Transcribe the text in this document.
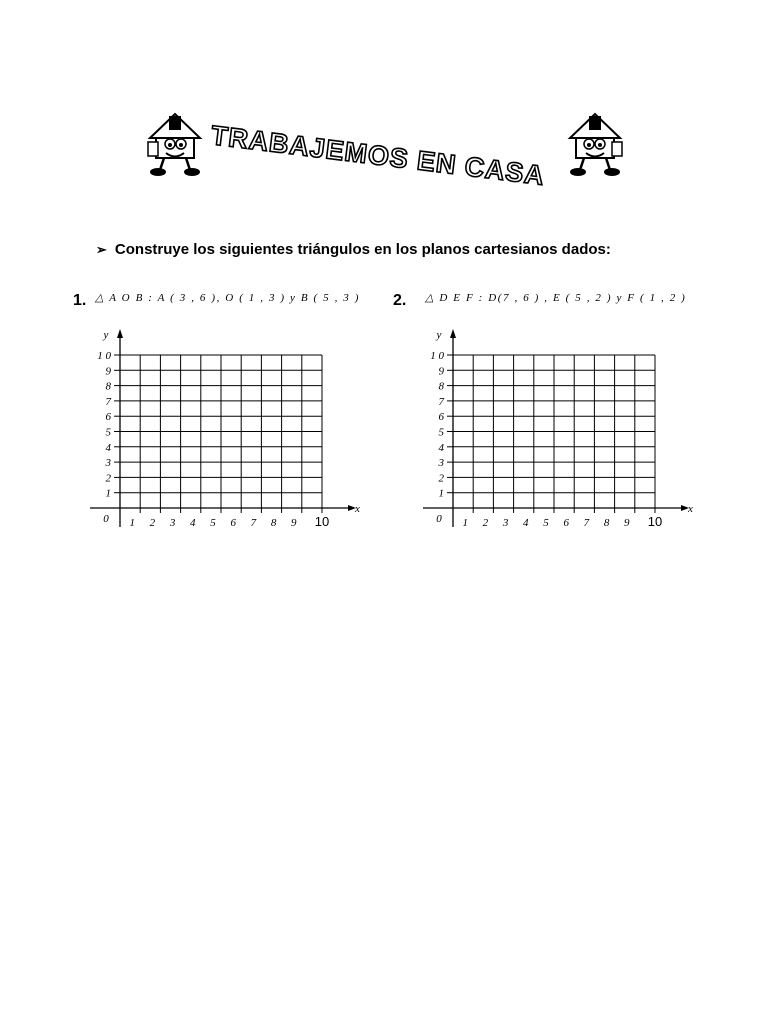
TRABAJEMOS EN CASA
➢ Construye los siguientes triángulos en los planos cartesianos dados:
1. △ A O B : A ( 3 , 6 ), O ( 1 , 3 ) y B ( 5 , 3 ) 2. △ D E F : D(7 , 6 ) , E ( 5 , 2 ) y F ( 1 , 2 )
1
2
3
4
5
6
7
8
9
1 0
1 2 3 4 5 6 7 8 9 10
0
x
y
1
2
3
4
5
6
7
8
9
1 0
1 2 3 4 5 6 7 8 9 10
0
x
y
